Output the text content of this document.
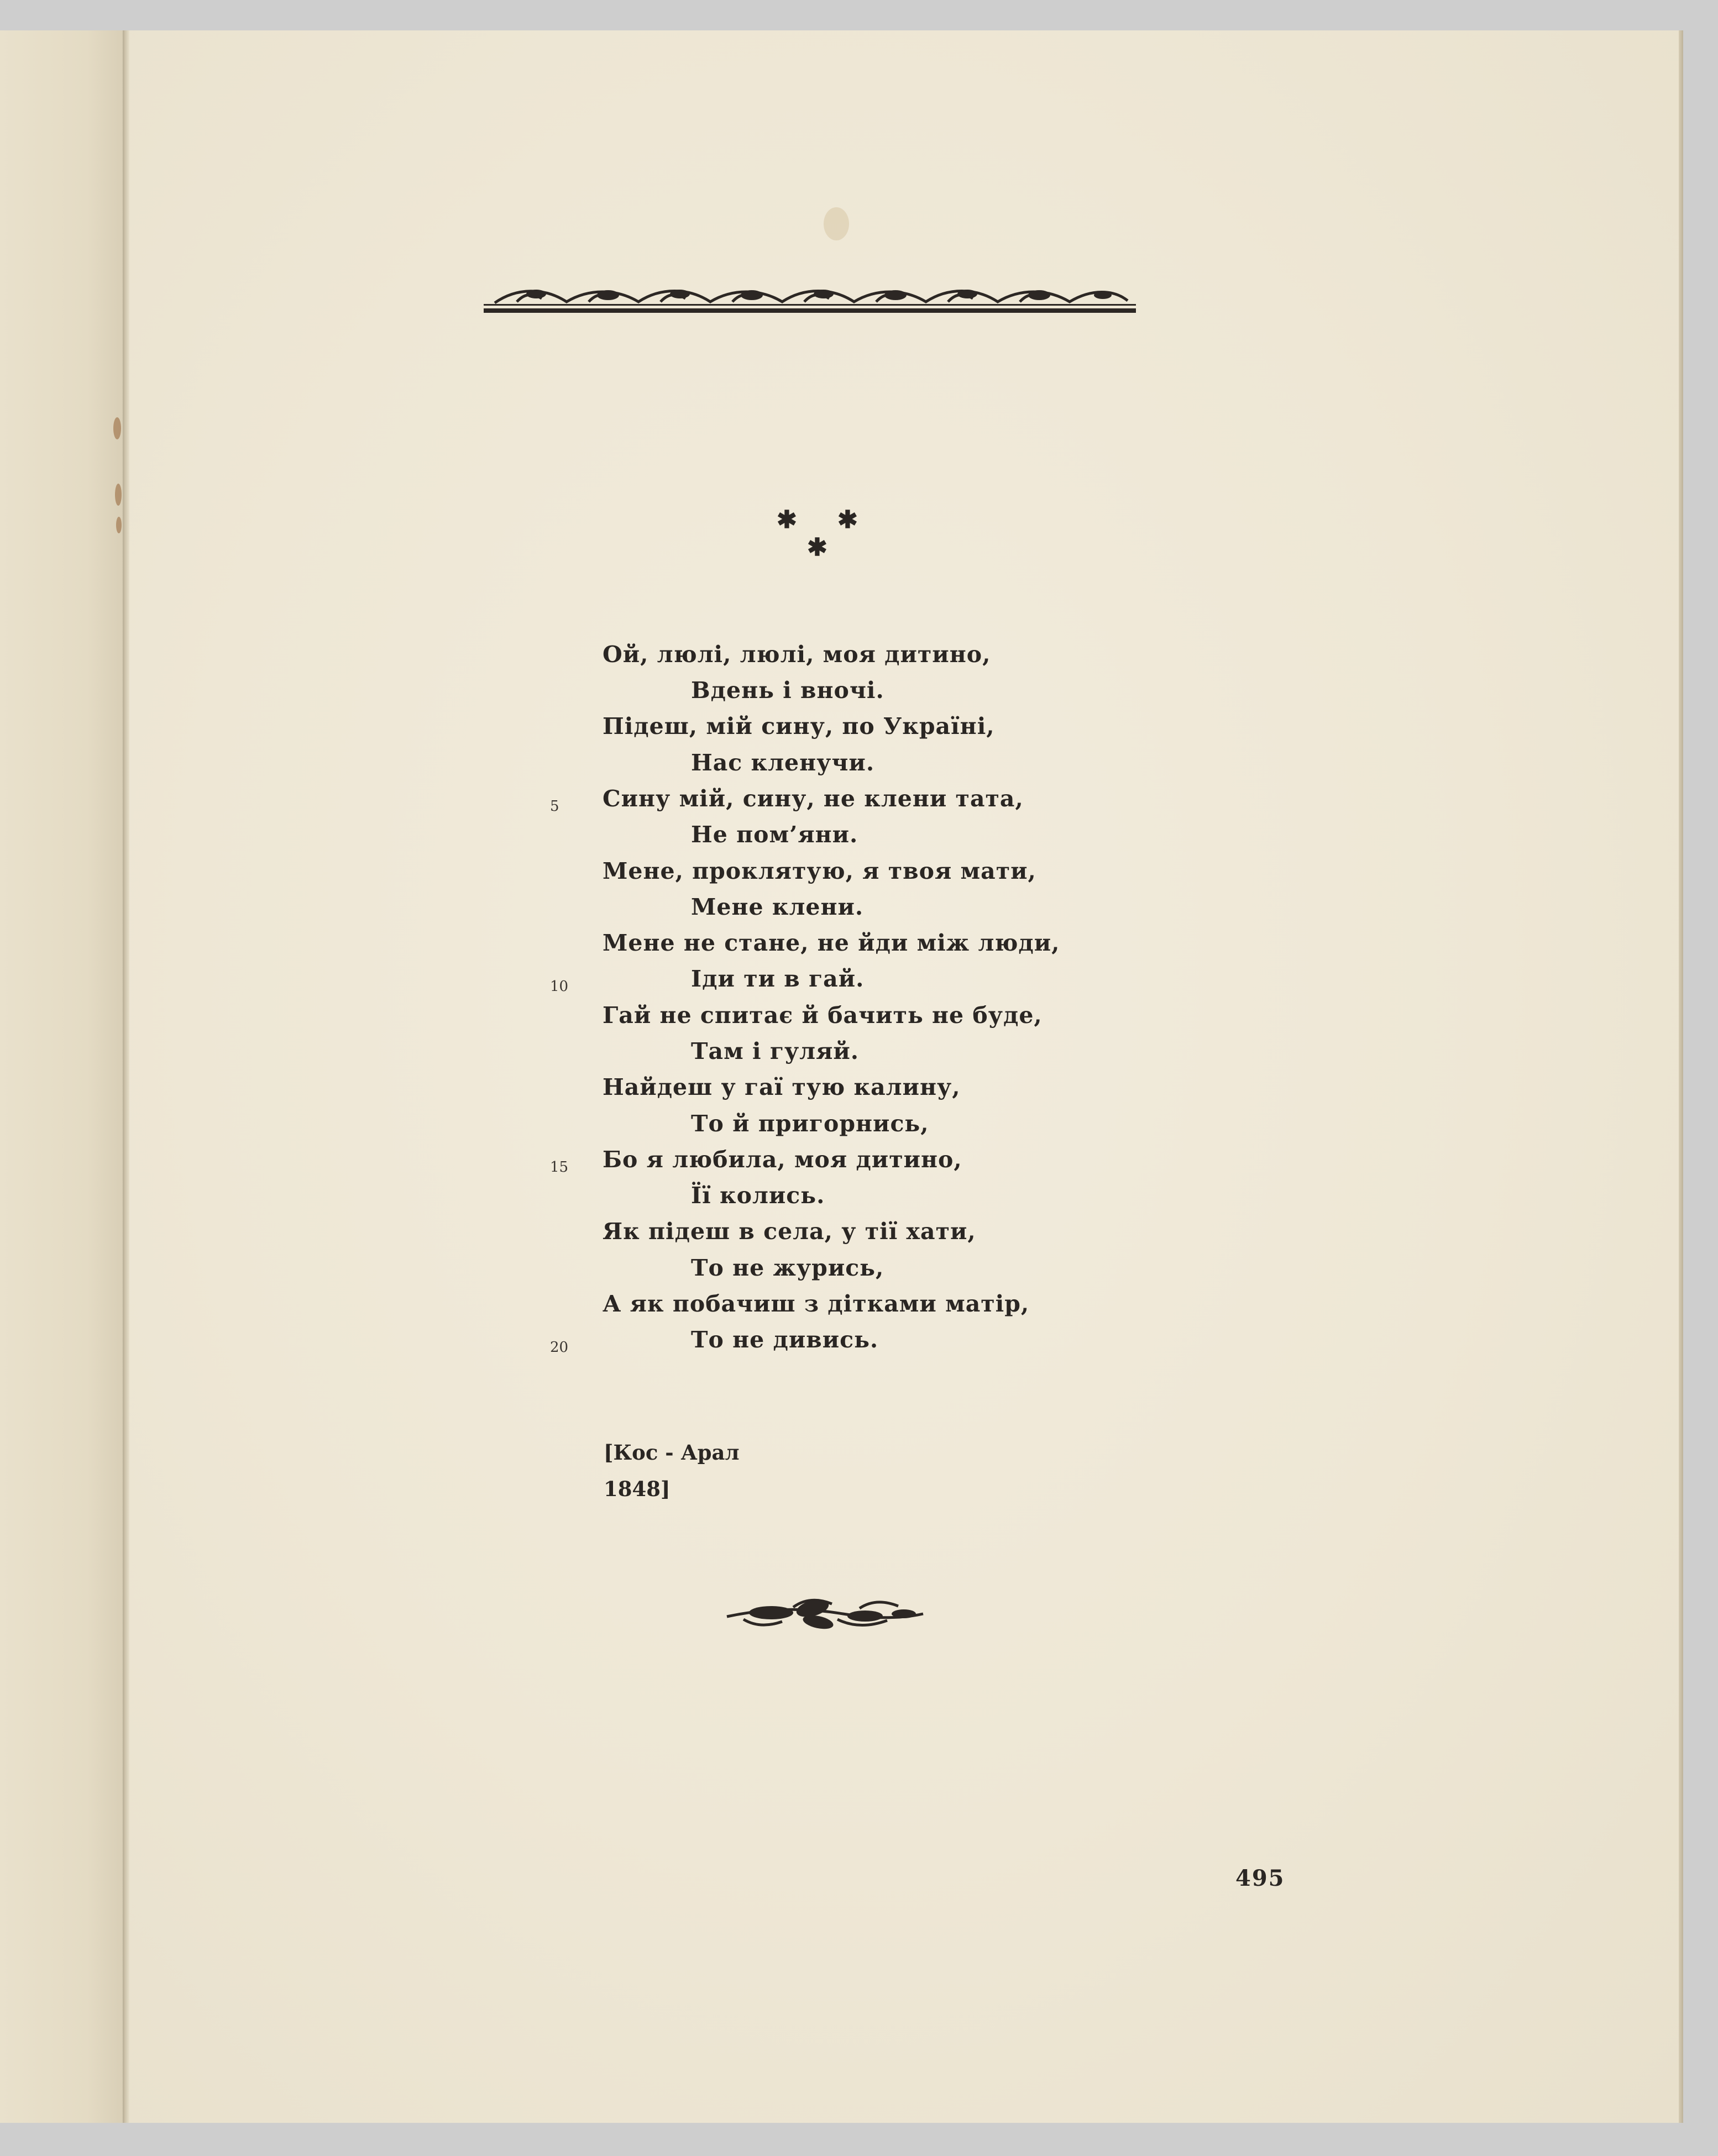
✱ ✱
✱
Ой, люлі, люлі, моя дитино,
Вдень і вночі.
Підеш, мій сину, по Україні,
Нас кленучи.
Сину мій, сину, не клени тата,
Не пом’яни.
Мене, проклятую, я твоя мати,
Мене клени.
Мене не стане, не йди між люди,
Іди ти в гай.
Гай не спитає й бачить не буде,
Там і гуляй.
Найдеш у гаї тую калину,
То й пригорнись,
Бо я любила, моя дитино,
Її колись.
Як підеш в села, у тії хати,
То не журись,
А як побачиш з дітками матір,
То не дивись.
5
10
15
20
[Кос - Арал
1848]
495
